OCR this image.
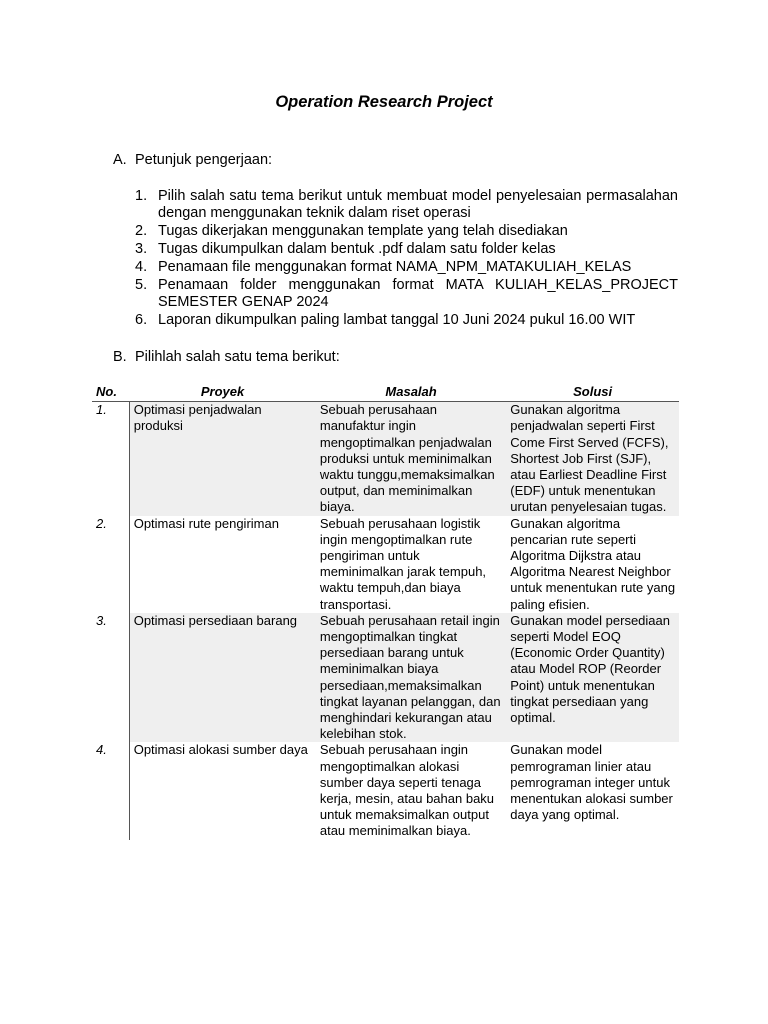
Operation Research Project
A. Petunjuk pengerjaan:
1. Pilih salah satu tema berikut untuk membuat model penyelesaian permasalahan dengan menggunakan teknik dalam riset operasi
2. Tugas dikerjakan menggunakan template yang telah disediakan
3. Tugas dikumpulkan dalam bentuk .pdf dalam satu folder kelas
4. Penamaan file menggunakan format NAMA_NPM_MATAKULIAH_KELAS
5. Penamaan folder menggunakan format MATA KULIAH_KELAS_PROJECT SEMESTER GENAP 2024
6. Laporan dikumpulkan paling lambat tanggal 10 Juni 2024 pukul 16.00 WIT
B. Pilihlah salah satu tema berikut:
No.	Proyek	Masalah	Solusi
1.	Optimasi penjadwalan produksi	Sebuah perusahaan manufaktur ingin mengoptimalkan penjadwalan produksi untuk meminimalkan waktu tunggu,memaksimalkan output, dan meminimalkan biaya.	Gunakan algoritma penjadwalan seperti First Come First Served (FCFS), Shortest Job First (SJF), atau Earliest Deadline First (EDF) untuk menentukan urutan penyelesaian tugas.
2.	Optimasi rute pengiriman	Sebuah perusahaan logistik ingin mengoptimalkan rute pengiriman untuk meminimalkan jarak tempuh, waktu tempuh,dan biaya transportasi.	Gunakan algoritma pencarian rute seperti Algoritma Dijkstra atau Algoritma Nearest Neighbor untuk menentukan rute yang paling efisien.
3.	Optimasi persediaan barang	Sebuah perusahaan retail ingin mengoptimalkan tingkat persediaan barang untuk meminimalkan biaya persediaan,memaksimalkan tingkat layanan pelanggan, dan menghindari kekurangan atau kelebihan stok.	Gunakan model persediaan seperti Model EOQ (Economic Order Quantity) atau Model ROP (Reorder Point) untuk menentukan tingkat persediaan yang optimal.
4.	Optimasi alokasi sumber daya	Sebuah perusahaan ingin mengoptimalkan alokasi sumber daya seperti tenaga kerja, mesin, atau bahan baku untuk memaksimalkan output atau meminimalkan biaya.	Gunakan model pemrograman linier atau pemrograman integer untuk menentukan alokasi sumber daya yang optimal.
